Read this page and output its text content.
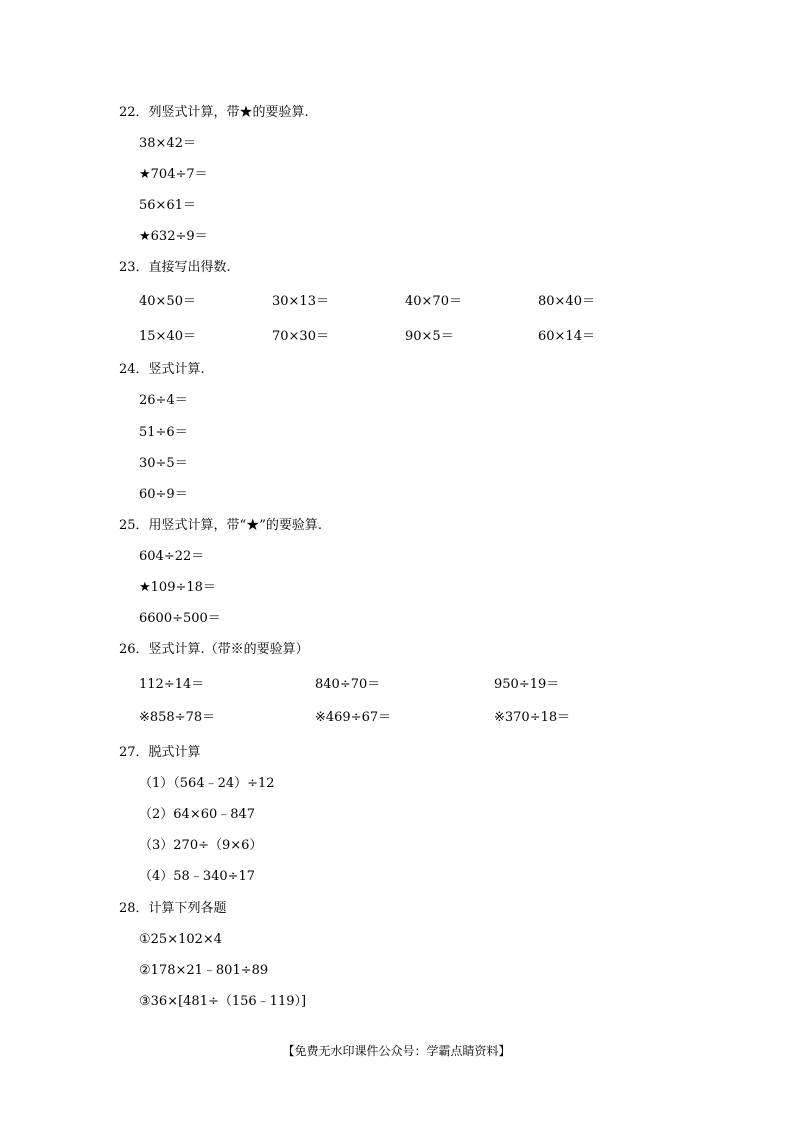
22．列竖式计算，带★的要验算.
38×42＝
★704÷7＝
56×61＝
★632÷9＝
23．直接写出得数.
40×50＝	30×13＝	40×70＝	80×40＝
15×40＝	70×30＝	90×5＝	60×14＝
24．竖式计算.
26÷4＝
51÷6＝
30÷5＝
60÷9＝
25．用竖式计算，带“★”的要验算.
604÷22＝
★109÷18＝
6600÷500＝
26．竖式计算.（带※的要验算）
112÷14＝	840÷70＝	950÷19＝
※858÷78＝	※469÷67＝	※370÷18＝
27．脱式计算
（1）（564﹣24）÷12
（2）64×60﹣847
（3）270÷（9×6）
（4）58﹣340÷17
28．计算下列各题
①25×102×4
②178×21﹣801÷89
③36×[481÷（156﹣119）]
【免费无水印课件公众号：学霸点睛资料】
